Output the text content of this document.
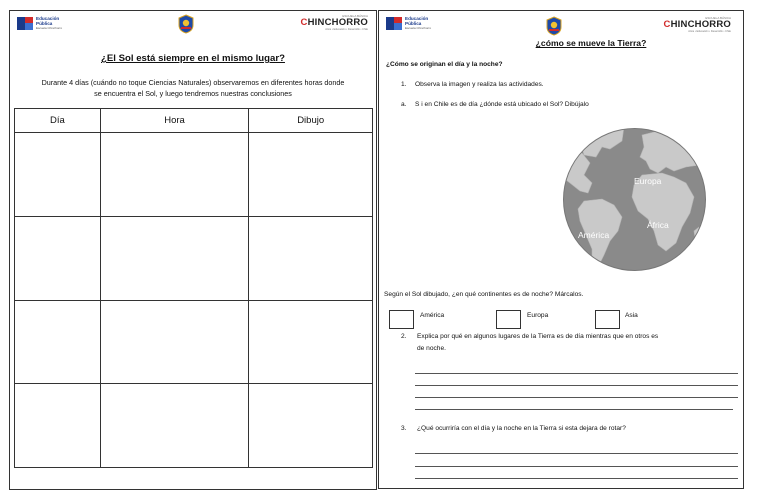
Educación
Pública
Escuela Chinchorro
ESCUELA BÁSICA
CHINCHORRO
Arica • Educación • Desarrollo • Chile
¿El Sol está siempre en el mismo lugar?
Durante 4 días (cuándo no toque Ciencias Naturales) observaremos en diferentes horas donde
se encuentra el Sol, y luego tendremos nuestras conclusiones
Día	Hora	Dibujo

Educación
Pública
Escuela Chinchorro
ESCUELA BÁSICA
CHINCHORRO
Arica • Educación • Desarrollo • Chile
¿cómo se mueve la Tierra?
¿Cómo se originan el día y la noche?
1. Observa la imagen y realiza las actividades.
a. S i en Chile es de día ¿dónde está ubicado el Sol? Dibújalo
Europa
África
América
Según el Sol dibujado, ¿en qué continentes es de noche? Márcalos.
América	Europa	Asia
2. Explica por qué en algunos lugares de la Tierra es de día mientras que en otros es
de noche.
3. ¿Qué ocurriría con el día y la noche en la Tierra si esta dejara de rotar?
